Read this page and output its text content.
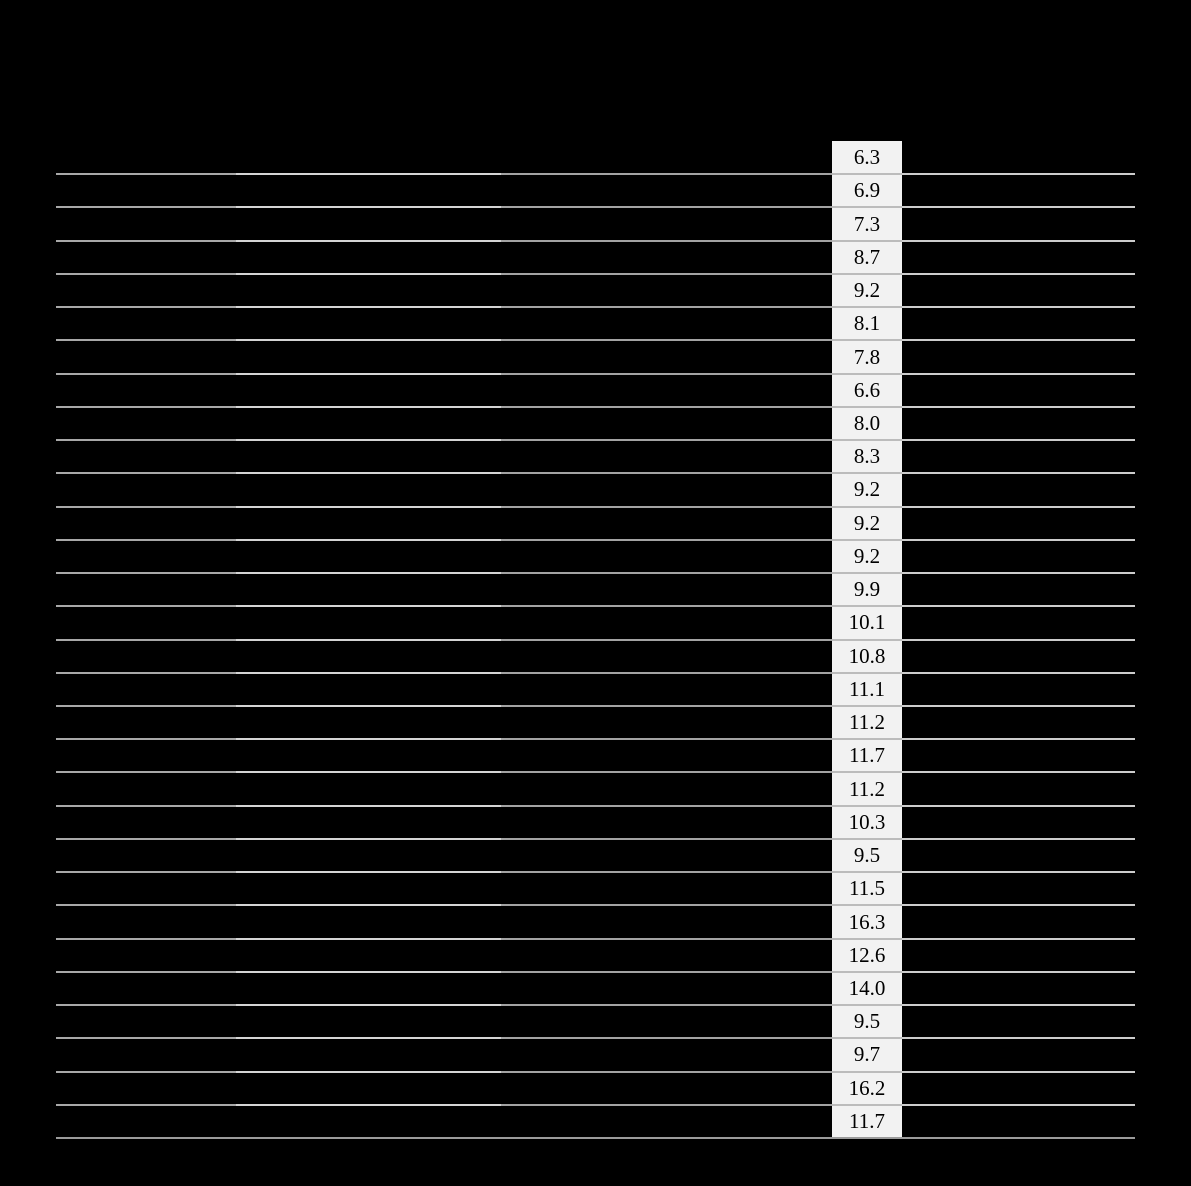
6.3
6.9
7.3
8.7
9.2
8.1
7.8
6.6
8.0
8.3
9.2
9.2
9.2
9.9
10.1
10.8
11.1
11.2
11.7
11.2
10.3
9.5
11.5
16.3
12.6
14.0
9.5
9.7
16.2
11.7
